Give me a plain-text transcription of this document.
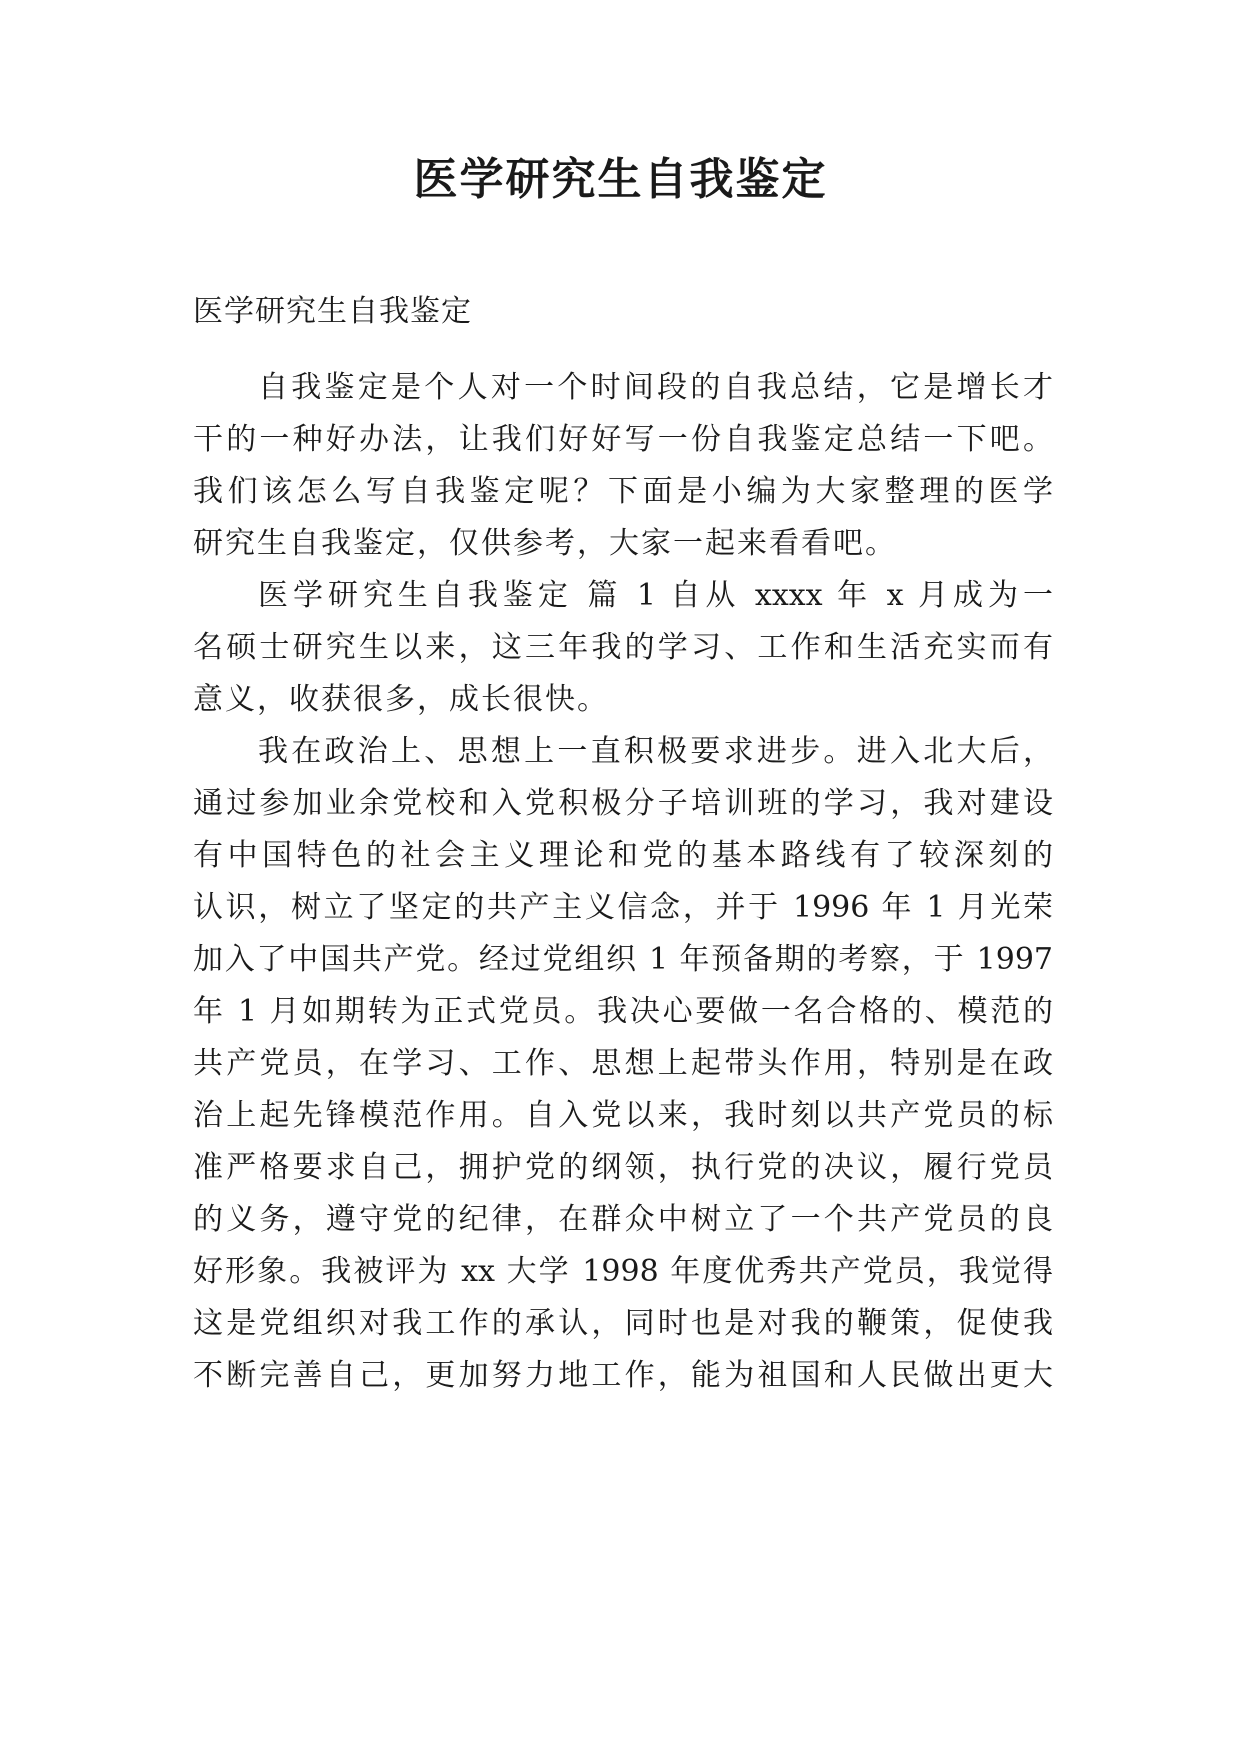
医学研究生自我鉴定
医学研究生自我鉴定
自我鉴定是个人对一个时间段的自我总结，它是增长才
干的一种好办法，让我们好好写一份自我鉴定总结一下吧。
我们该怎么写自我鉴定呢？下面是小编为大家整理的医学
研究生自我鉴定，仅供参考，大家一起来看看吧。
医学研究生自我鉴定 篇 1 自从 xxxx 年 x 月成为一
名硕士研究生以来，这三年我的学习、工作和生活充实而有
意义，收获很多，成长很快。
我在政治上、思想上一直积极要求进步。进入北大后，
通过参加业余党校和入党积极分子培训班的学习，我对建设
有中国特色的社会主义理论和党的基本路线有了较深刻的
认识，树立了坚定的共产主义信念，并于 1996 年 1 月光荣
加入了中国共产党。经过党组织 1 年预备期的考察，于 1997
年 1 月如期转为正式党员。我决心要做一名合格的、模范的
共产党员，在学习、工作、思想上起带头作用，特别是在政
治上起先锋模范作用。自入党以来，我时刻以共产党员的标
准严格要求自己，拥护党的纲领，执行党的决议，履行党员
的义务，遵守党的纪律，在群众中树立了一个共产党员的良
好形象。我被评为 xx 大学 1998 年度优秀共产党员，我觉得
这是党组织对我工作的承认，同时也是对我的鞭策，促使我
不断完善自己，更加努力地工作，能为祖国和人民做出更大
